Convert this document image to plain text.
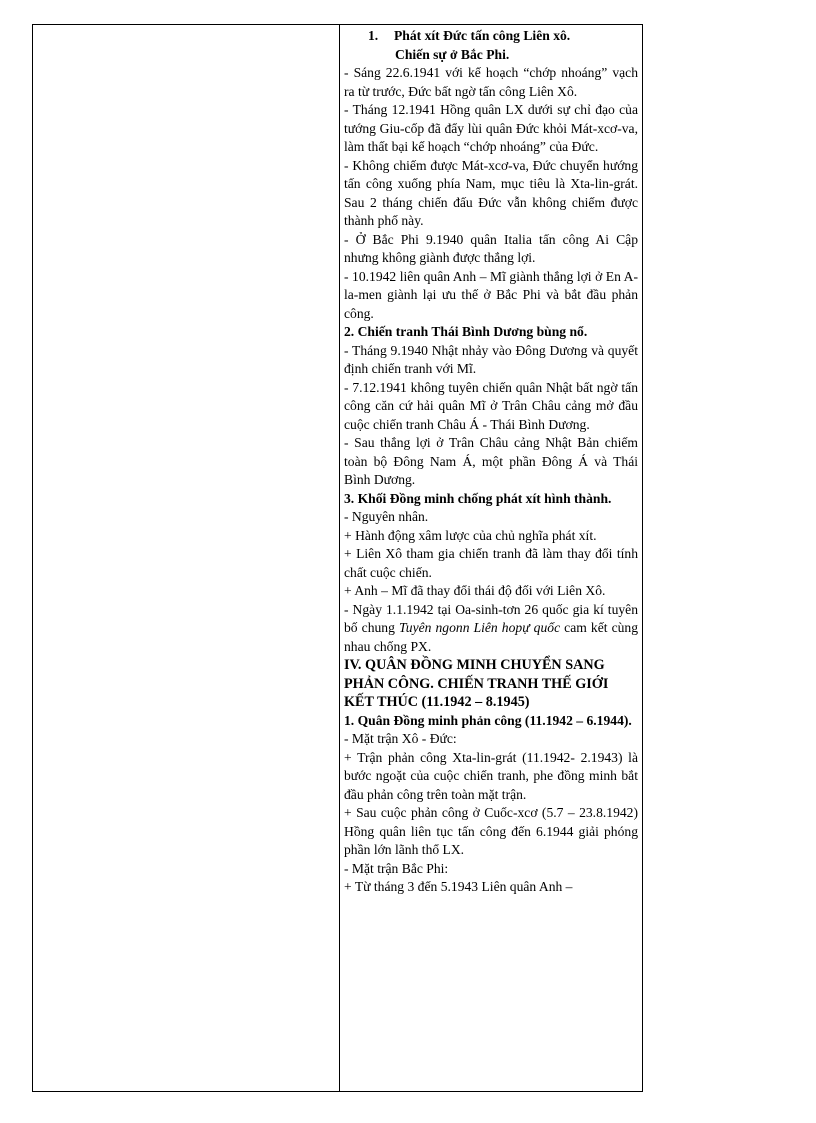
1. Phát xít Đức tấn công Liên xô.
Chiến sự ở Bắc Phi.

- Sáng 22.6.1941 với kế hoạch “chớp nhoáng” vạch ra từ trước, Đức bất ngờ tấn công Liên Xô.

- Tháng 12.1941 Hồng quân LX dưới sự chỉ đạo của tướng Giu-cốp đã đẩy lùi quân Đức khỏi Mát-xcơ-va, làm thất bại kế hoạch “chớp nhoáng” của Đức.

- Không chiếm được Mát-xcơ-va, Đức chuyển hướng tấn công xuống phía Nam, mục tiêu là Xta-lin-grát. Sau 2 tháng chiến đấu Đức vẫn không chiếm được thành phố này.

- Ở Bắc Phi 9.1940 quân Italia tấn công Ai Cập nhưng không giành được thắng lợi.

- 10.1942 liên quân Anh – Mĩ giành thắng lợi ở En A-la-men giành lại ưu thế ở Bắc Phi và bắt đầu phản công.

2. Chiến tranh Thái Bình Dương bùng nổ.

- Tháng 9.1940 Nhật nhảy vào Đông Dương và quyết định chiến tranh với Mĩ.

- 7.12.1941 không tuyên chiến quân Nhật bất ngờ tấn công căn cứ hải quân Mĩ ở Trân Châu cảng mở đầu cuộc chiến tranh Châu Á - Thái Bình Dương.

- Sau thắng lợi ở Trân Châu cảng Nhật Bản chiếm toàn bộ Đông Nam Á, một phần Đông Á và Thái Bình Dương.

3. Khối Đồng minh chống phát xít hình thành.

- Nguyên nhân.

+ Hành động xâm lược của chủ nghĩa phát xít.

+ Liên Xô tham gia chiến tranh đã làm thay đổi tính chất cuộc chiến.

+ Anh – Mĩ đã thay đổi thái độ đối với Liên Xô.

- Ngày 1.1.1942 tại Oa-sinh-tơn 26 quốc gia kí tuyên bố chung Tuyên ngonn Liên hopự quốc cam kết cùng nhau chống PX.

IV. QUÂN ĐỒNG MINH CHUYỂN SANG PHẢN CÔNG. CHIẾN TRANH THẾ GIỚI KẾT THÚC (11.1942 – 8.1945)

1. Quân Đồng minh phản công (11.1942 – 6.1944).

- Mặt trận Xô - Đức:

+ Trận phản công Xta-lin-grát (11.1942- 2.1943) là bước ngoặt của cuộc chiến tranh, phe đồng minh bắt đầu phản công trên toàn mặt trận.

+ Sau cuộc phản công ở Cuốc-xcơ (5.7 – 23.8.1942) Hồng quân liên tục tấn công đến 6.1944 giải phóng phần lớn lãnh thổ LX.

- Mặt trận Bắc Phi:

+ Từ tháng 3 đến 5.1943 Liên quân Anh –
